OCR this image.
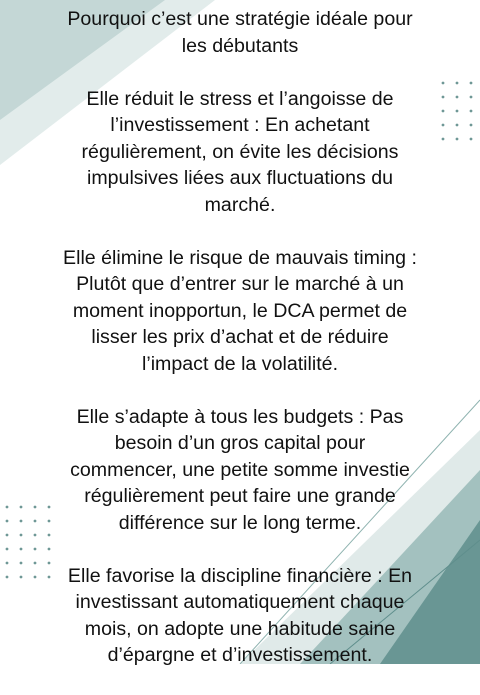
Pourquoi c’est une stratégie idéale pour
les débutants
Elle réduit le stress et l’angoisse de
l’investissement : En achetant
régulièrement, on évite les décisions
impulsives liées aux fluctuations du
marché.
Elle élimine le risque de mauvais timing :
Plutôt que d’entrer sur le marché à un
moment inopportun, le DCA permet de
lisser les prix d’achat et de réduire
l’impact de la volatilité.
Elle s’adapte à tous les budgets : Pas
besoin d’un gros capital pour
commencer, une petite somme investie
régulièrement peut faire une grande
différence sur le long terme.
Elle favorise la discipline financière : En
investissant automatiquement chaque
mois, on adopte une habitude saine
d’épargne et d’investissement.
